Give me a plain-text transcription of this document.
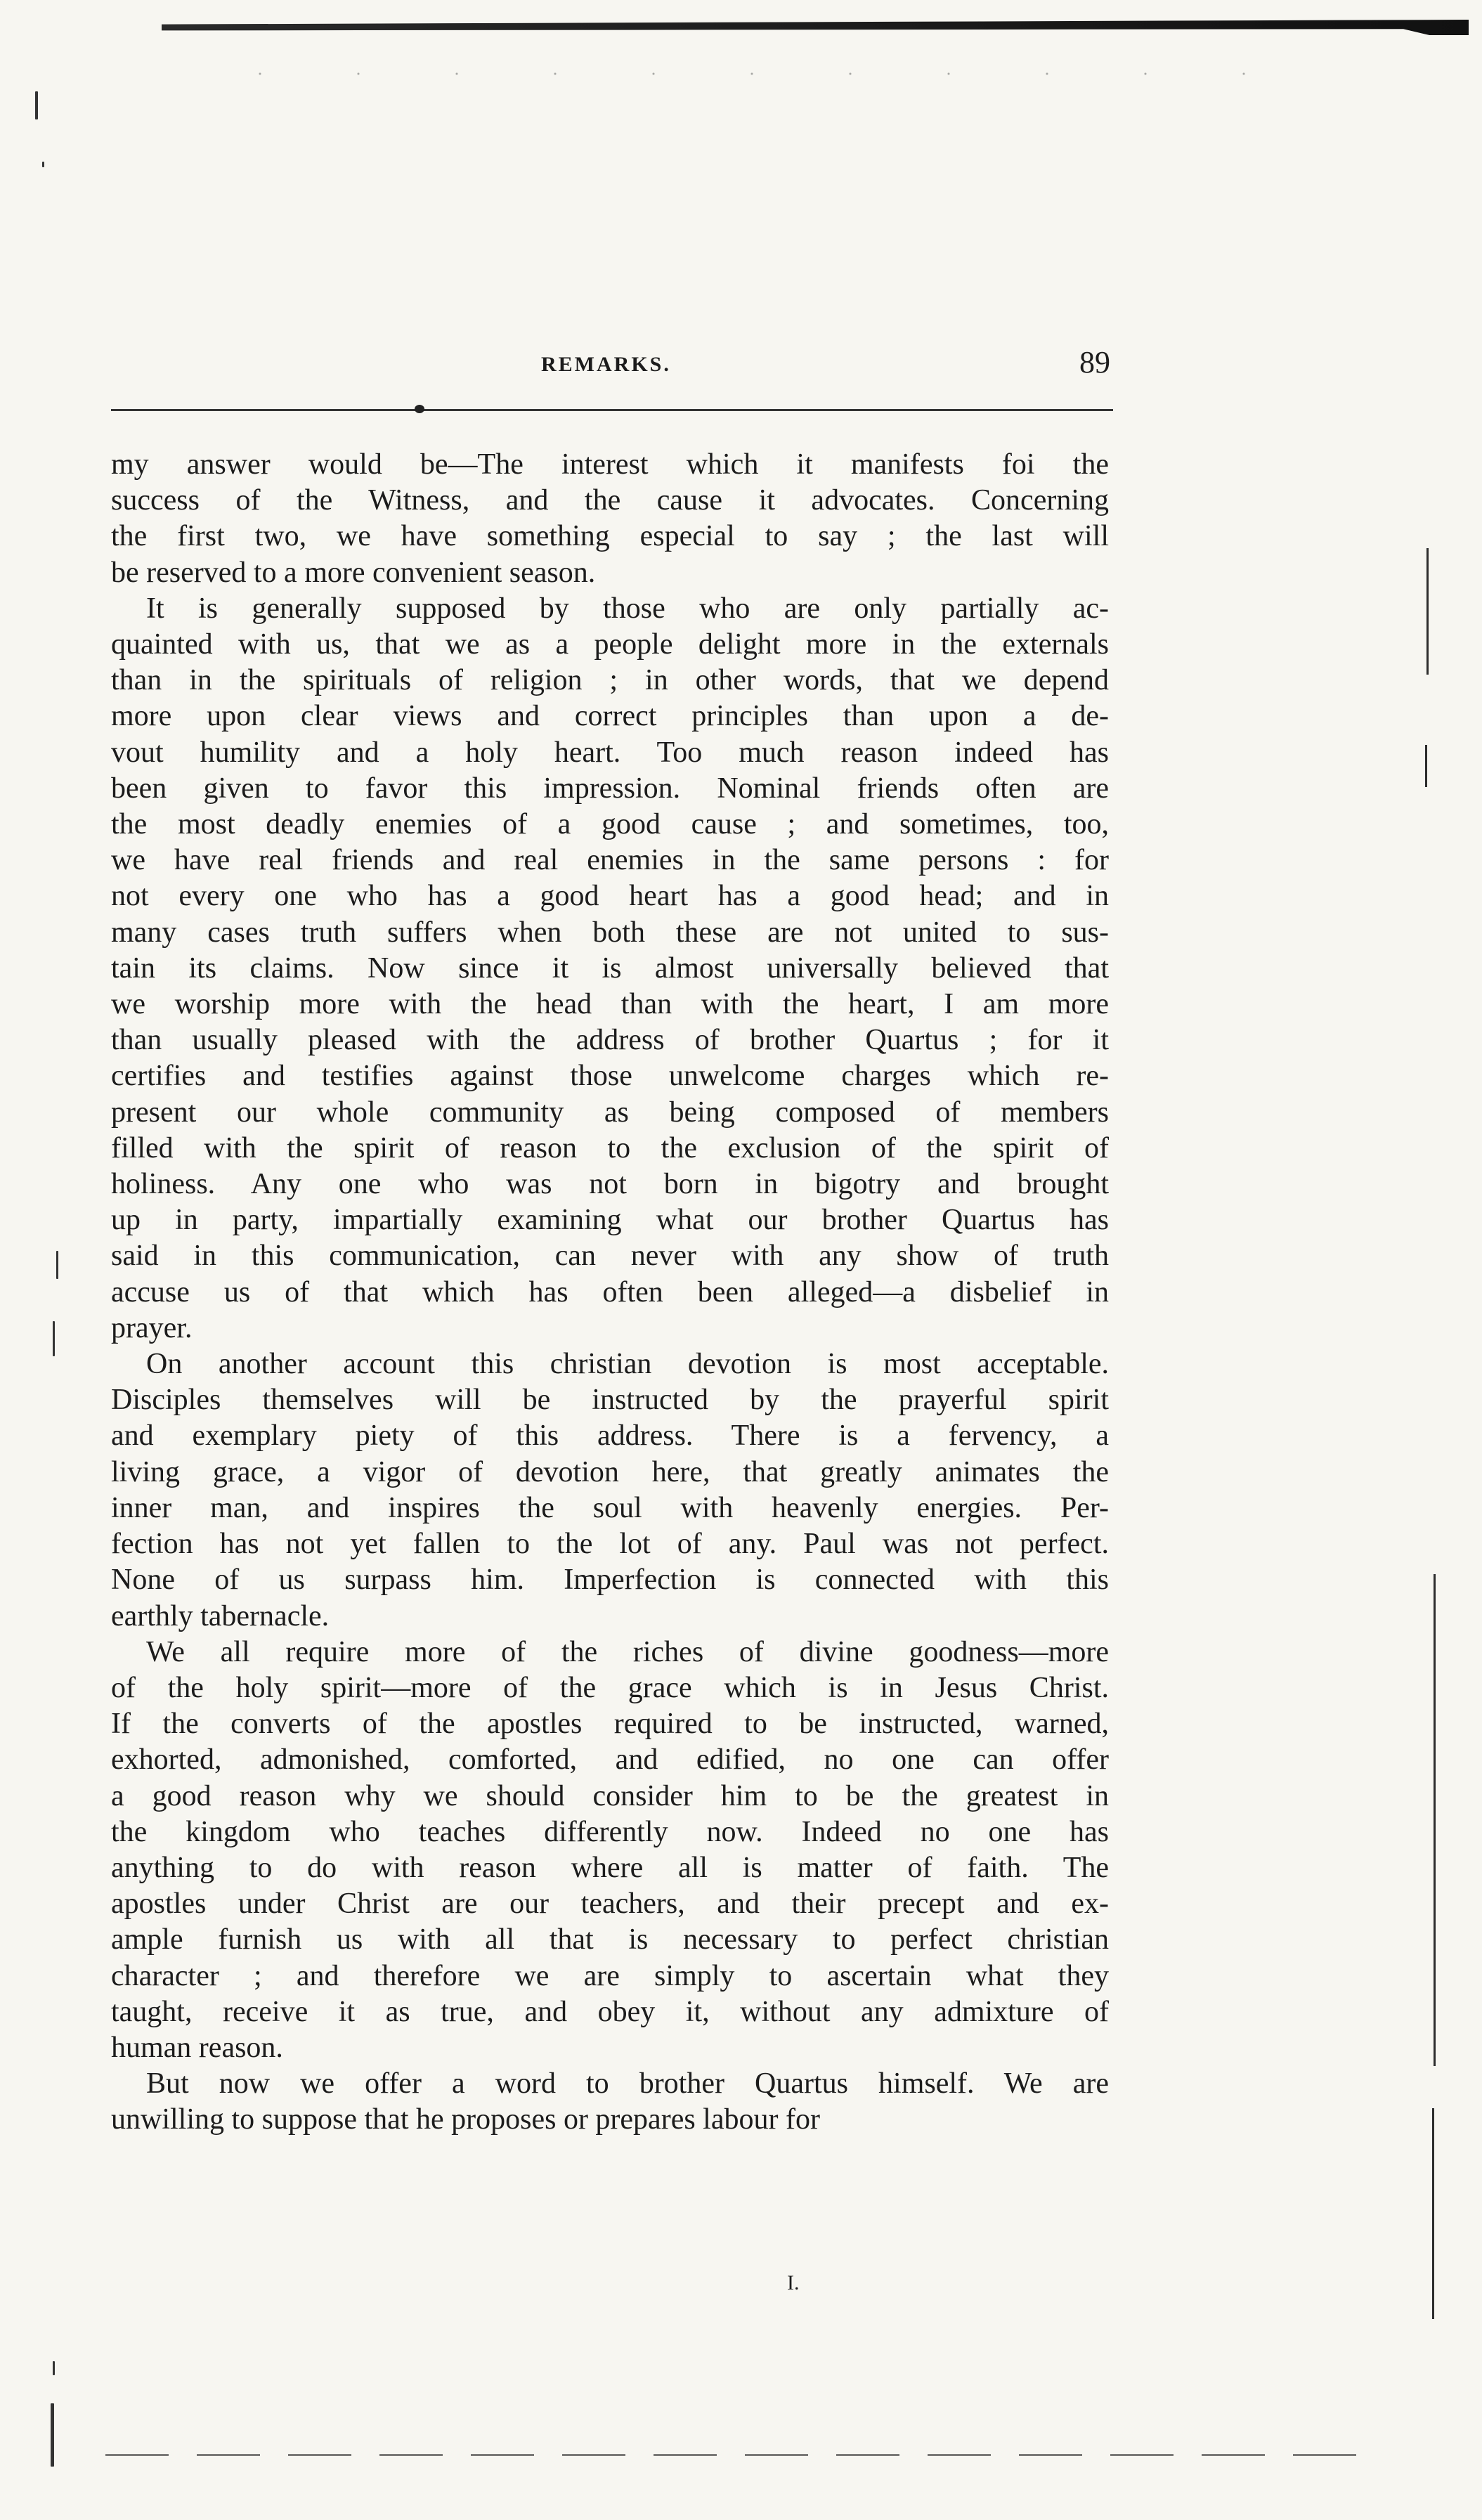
REMARKS.	89
my answer would be—The interest which it manifests foi the
success of the Witness, and the cause it advocates. Concerning
the first two, we have something especial to say ; the last will
be reserved to a more convenient season.
It is generally supposed by those who are only partially ac-
quainted with us, that we as a people delight more in the externals
than in the spirituals of religion ; in other words, that we depend
more upon clear views and correct principles than upon a de-
vout humility and a holy heart. Too much reason indeed has
been given to favor this impression. Nominal friends often are
the most deadly enemies of a good cause ; and sometimes, too,
we have real friends and real enemies in the same persons : for
not every one who has a good heart has a good head; and in
many cases truth suffers when both these are not united to sus-
tain its claims. Now since it is almost universally believed that
we worship more with the head than with the heart, I am more
than usually pleased with the address of brother Quartus ; for it
certifies and testifies against those unwelcome charges which re-
present our whole community as being composed of members
filled with the spirit of reason to the exclusion of the spirit of
holiness. Any one who was not born in bigotry and brought
up in party, impartially examining what our brother Quartus has
said in this communication, can never with any show of truth
accuse us of that which has often been alleged—a disbelief in
prayer.
On another account this christian devotion is most acceptable.
Disciples themselves will be instructed by the prayerful spirit
and exemplary piety of this address. There is a fervency, a
living grace, a vigor of devotion here, that greatly animates the
inner man, and inspires the soul with heavenly energies. Per-
fection has not yet fallen to the lot of any. Paul was not perfect.
None of us surpass him. Imperfection is connected with this
earthly tabernacle.
We all require more of the riches of divine goodness—more
of the holy spirit—more of the grace which is in Jesus Christ.
If the converts of the apostles required to be instructed, warned,
exhorted, admonished, comforted, and edified, no one can offer
a good reason why we should consider him to be the greatest in
the kingdom who teaches differently now. Indeed no one has
anything to do with reason where all is matter of faith. The
apostles under Christ are our teachers, and their precept and ex-
ample furnish us with all that is necessary to perfect christian
character ; and therefore we are simply to ascertain what they
taught, receive it as true, and obey it, without any admixture of
human reason.
But now we offer a word to brother Quartus himself. We are
unwilling to suppose that he proposes or prepares labour for
I.
